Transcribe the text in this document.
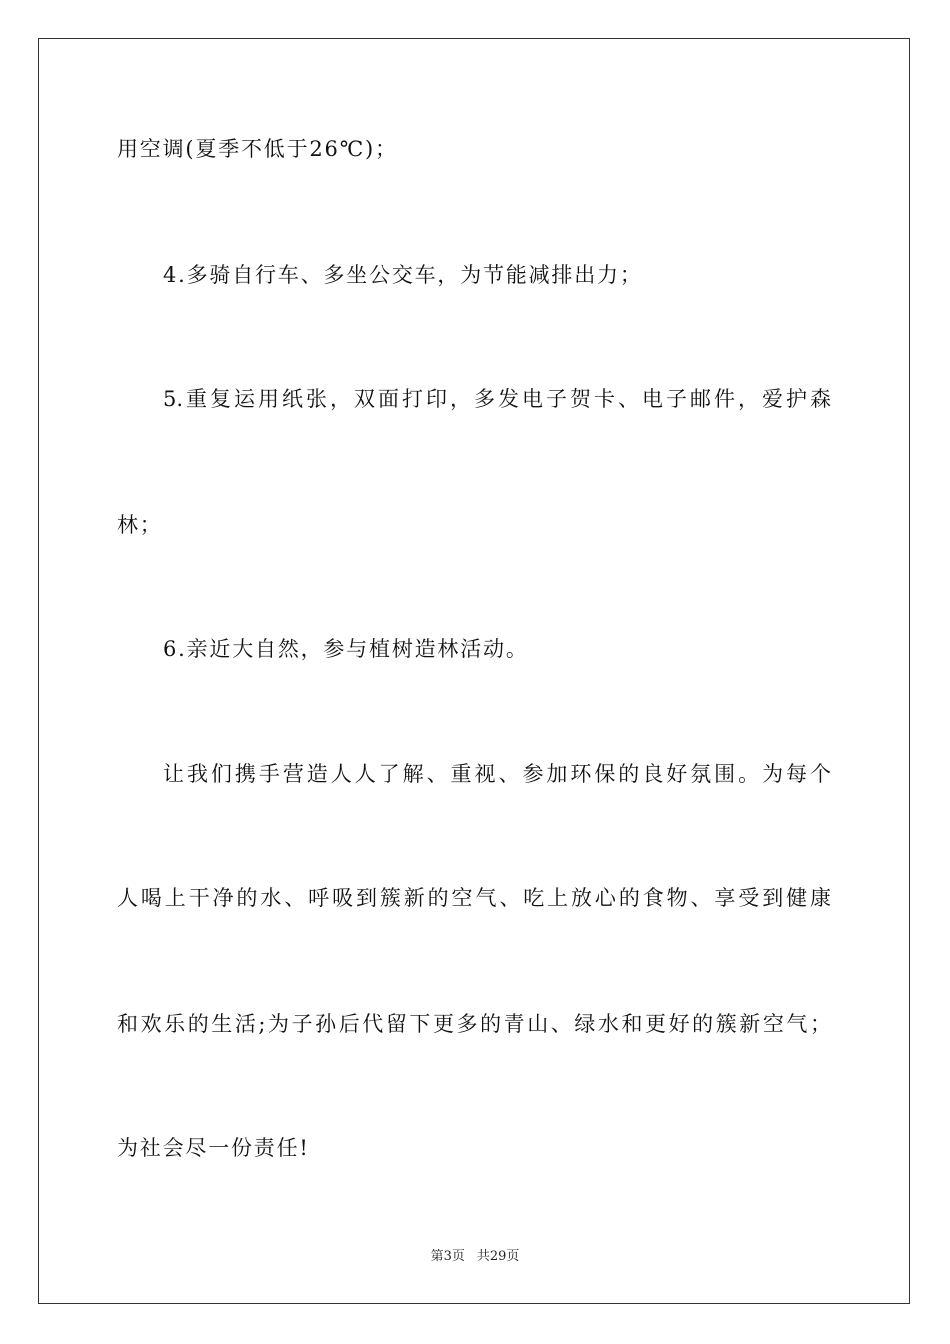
用空调(夏季不低于26℃)；
4.多骑自行车、多坐公交车，为节能减排出力；
5.重复运用纸张，双面打印，多发电子贺卡、电子邮件，爱护森
林；
6.亲近大自然，参与植树造林活动。
让我们携手营造人人了解、重视、参加环保的良好氛围。为每个
人喝上干净的水、呼吸到簇新的空气、吃上放心的食物、享受到健康
和欢乐的生活;为子孙后代留下更多的青山、绿水和更好的簇新空气；
为社会尽一份责任!
第3页 共29页
